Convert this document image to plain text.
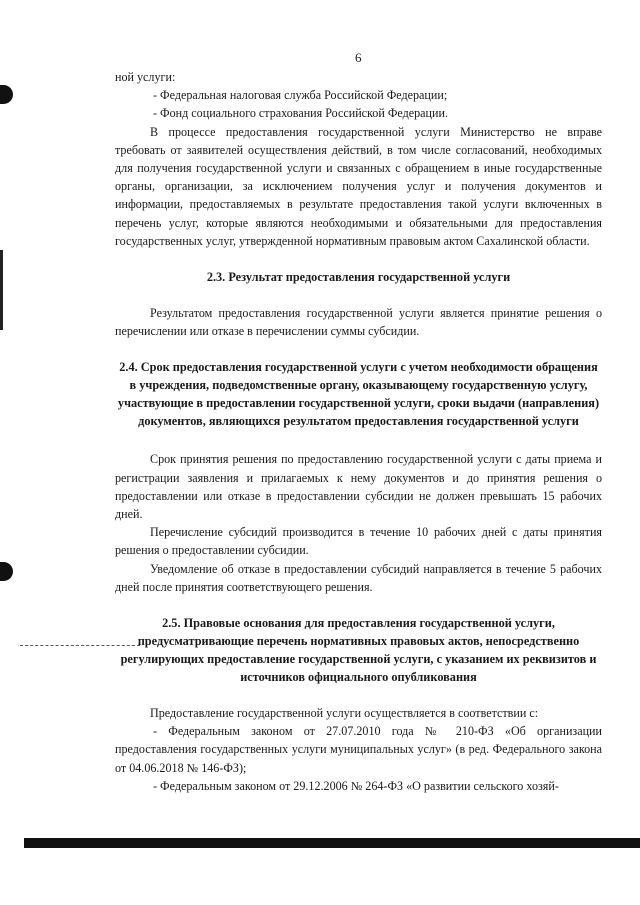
6

ной услуги:

- Федеральная налоговая служба Российской Федерации;

- Фонд социального страхования Российской Федерации.

В процессе предоставления государственной услуги Министерство не вправе требовать от заявителей осуществления действий, в том числе согласований, необходимых для получения государственной услуги и связанных с обращением в иные государственные органы, организации, за исключением получения услуг и получения документов и информации, предоставляемых в результате предоставления такой услуги включенных в перечень услуг, которые являются необходимыми и обязательными для предоставления государственных услуг, утвержденной нормативным правовым актом Сахалинской области.

2.3. Результат предоставления государственной услуги

Результатом предоставления государственной услуги является принятие решения о перечислении или отказе в перечислении суммы субсидии.

2.4. Срок предоставления государственной услуги с учетом необходимости обращения в учреждения, подведомственные органу, оказывающему государственную услугу, участвующие в предоставлении государственной услуги, сроки выдачи (направления) документов, являющихся результатом предоставления государственной услуги

Срок принятия решения по предоставлению государственной услуги с даты приема и регистрации заявления и прилагаемых к нему документов и до принятия решения о предоставлении или отказе в предоставлении субсидии не должен превышать 15 рабочих дней.

Перечисление субсидий производится в течение 10 рабочих дней с даты принятия решения о предоставлении субсидии.

Уведомление об отказе в предоставлении субсидий направляется в течение 5 рабочих дней после принятия соответствующего решения.

2.5. Правовые основания для предоставления государственной услуги, предусматривающие перечень нормативных правовых актов, непосредственно регулирующих предоставление государственной услуги, с указанием их реквизитов и источников официального опубликования

Предоставление государственной услуги осуществляется в соответствии с:

- Федеральным законом от 27.07.2010 года № 210-ФЗ «Об организации предоставления государственных услуги муниципальных услуг» (в ред. Федерального закона от 04.06.2018 № 146-ФЗ);

- Федеральным законом от 29.12.2006 № 264-ФЗ «О развитии сельского хозяй-
